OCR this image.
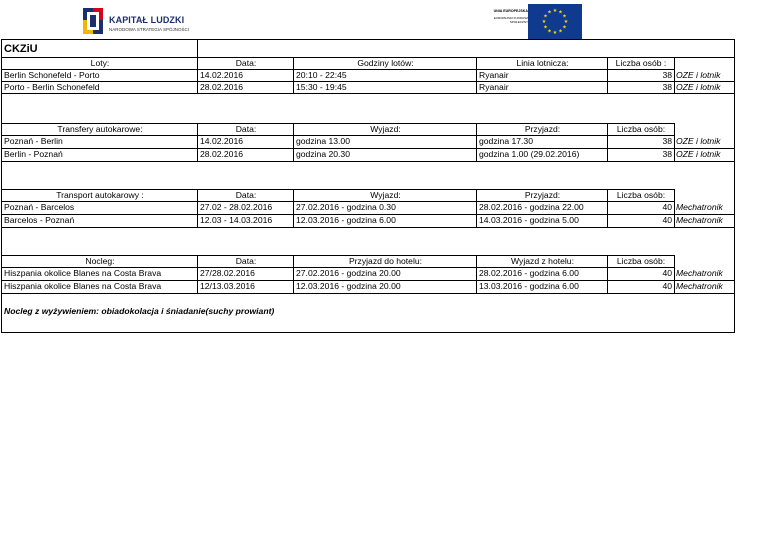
KAPITAŁ LUDZKI
NARODOWA STRATEGIA SPÓJNOŚCI
UNIA EUROPEJSKA
EUROPEJSKI FUNDUSZ SPOŁECZNY
★ ★
★
★
★
★
★
★
★
★
★
★
CKZiU
Loty:	Data:	Godziny lotów:	Linia lotnicza:	Liczba osób :
Berlin Schonefeld - Porto	14.02.2016	20:10 - 22:45	Ryanair	38 OZE i lotnik
Porto - Berlin Schonefeld	28.02.2016	15:30 - 19:45	Ryanair	38 OZE i lotnik
Transfery autokarowe:	Data:	Wyjazd:	Przyjazd:	Liczba osób:
Poznań - Berlin	14.02.2016	godzina 13.00	godzina 17.30	38 OZE i lotnik
Berlin - Poznań	28.02.2016	godzina 20.30	godzina 1.00 (29.02.2016)	38 OZE i lotnik
Transport autokarowy :	Data:	Wyjazd:	Przyjazd:	Liczba osób:
Poznań - Barcelos	27.02 - 28.02.2016	27.02.2016 - godzina 0.30	28.02.2016 - godzina 22.00	40 Mechatronik
Barcelos - Poznań	12.03 - 14.03.2016	12.03.2016 - godzina 6.00	14.03.2016 - godzina 5.00	40 Mechatronik
Nocleg:	Data:	Przyjazd do hotelu:	Wyjazd z hotelu:	Liczba osób:
Hiszpania okolice Blanes na Costa Brava	27/28.02.2016	27.02.2016 - godzina 20.00	28.02.2016 - godzina 6.00	40 Mechatronik
Hiszpania okolice Blanes na Costa Brava	12/13.03.2016	12.03.2016 - godzina 20.00	13.03.2016 - godzina 6.00	40 Mechatronik
Nocleg z wyżywieniem: obiadokolacja i śniadanie(suchy prowiant)
